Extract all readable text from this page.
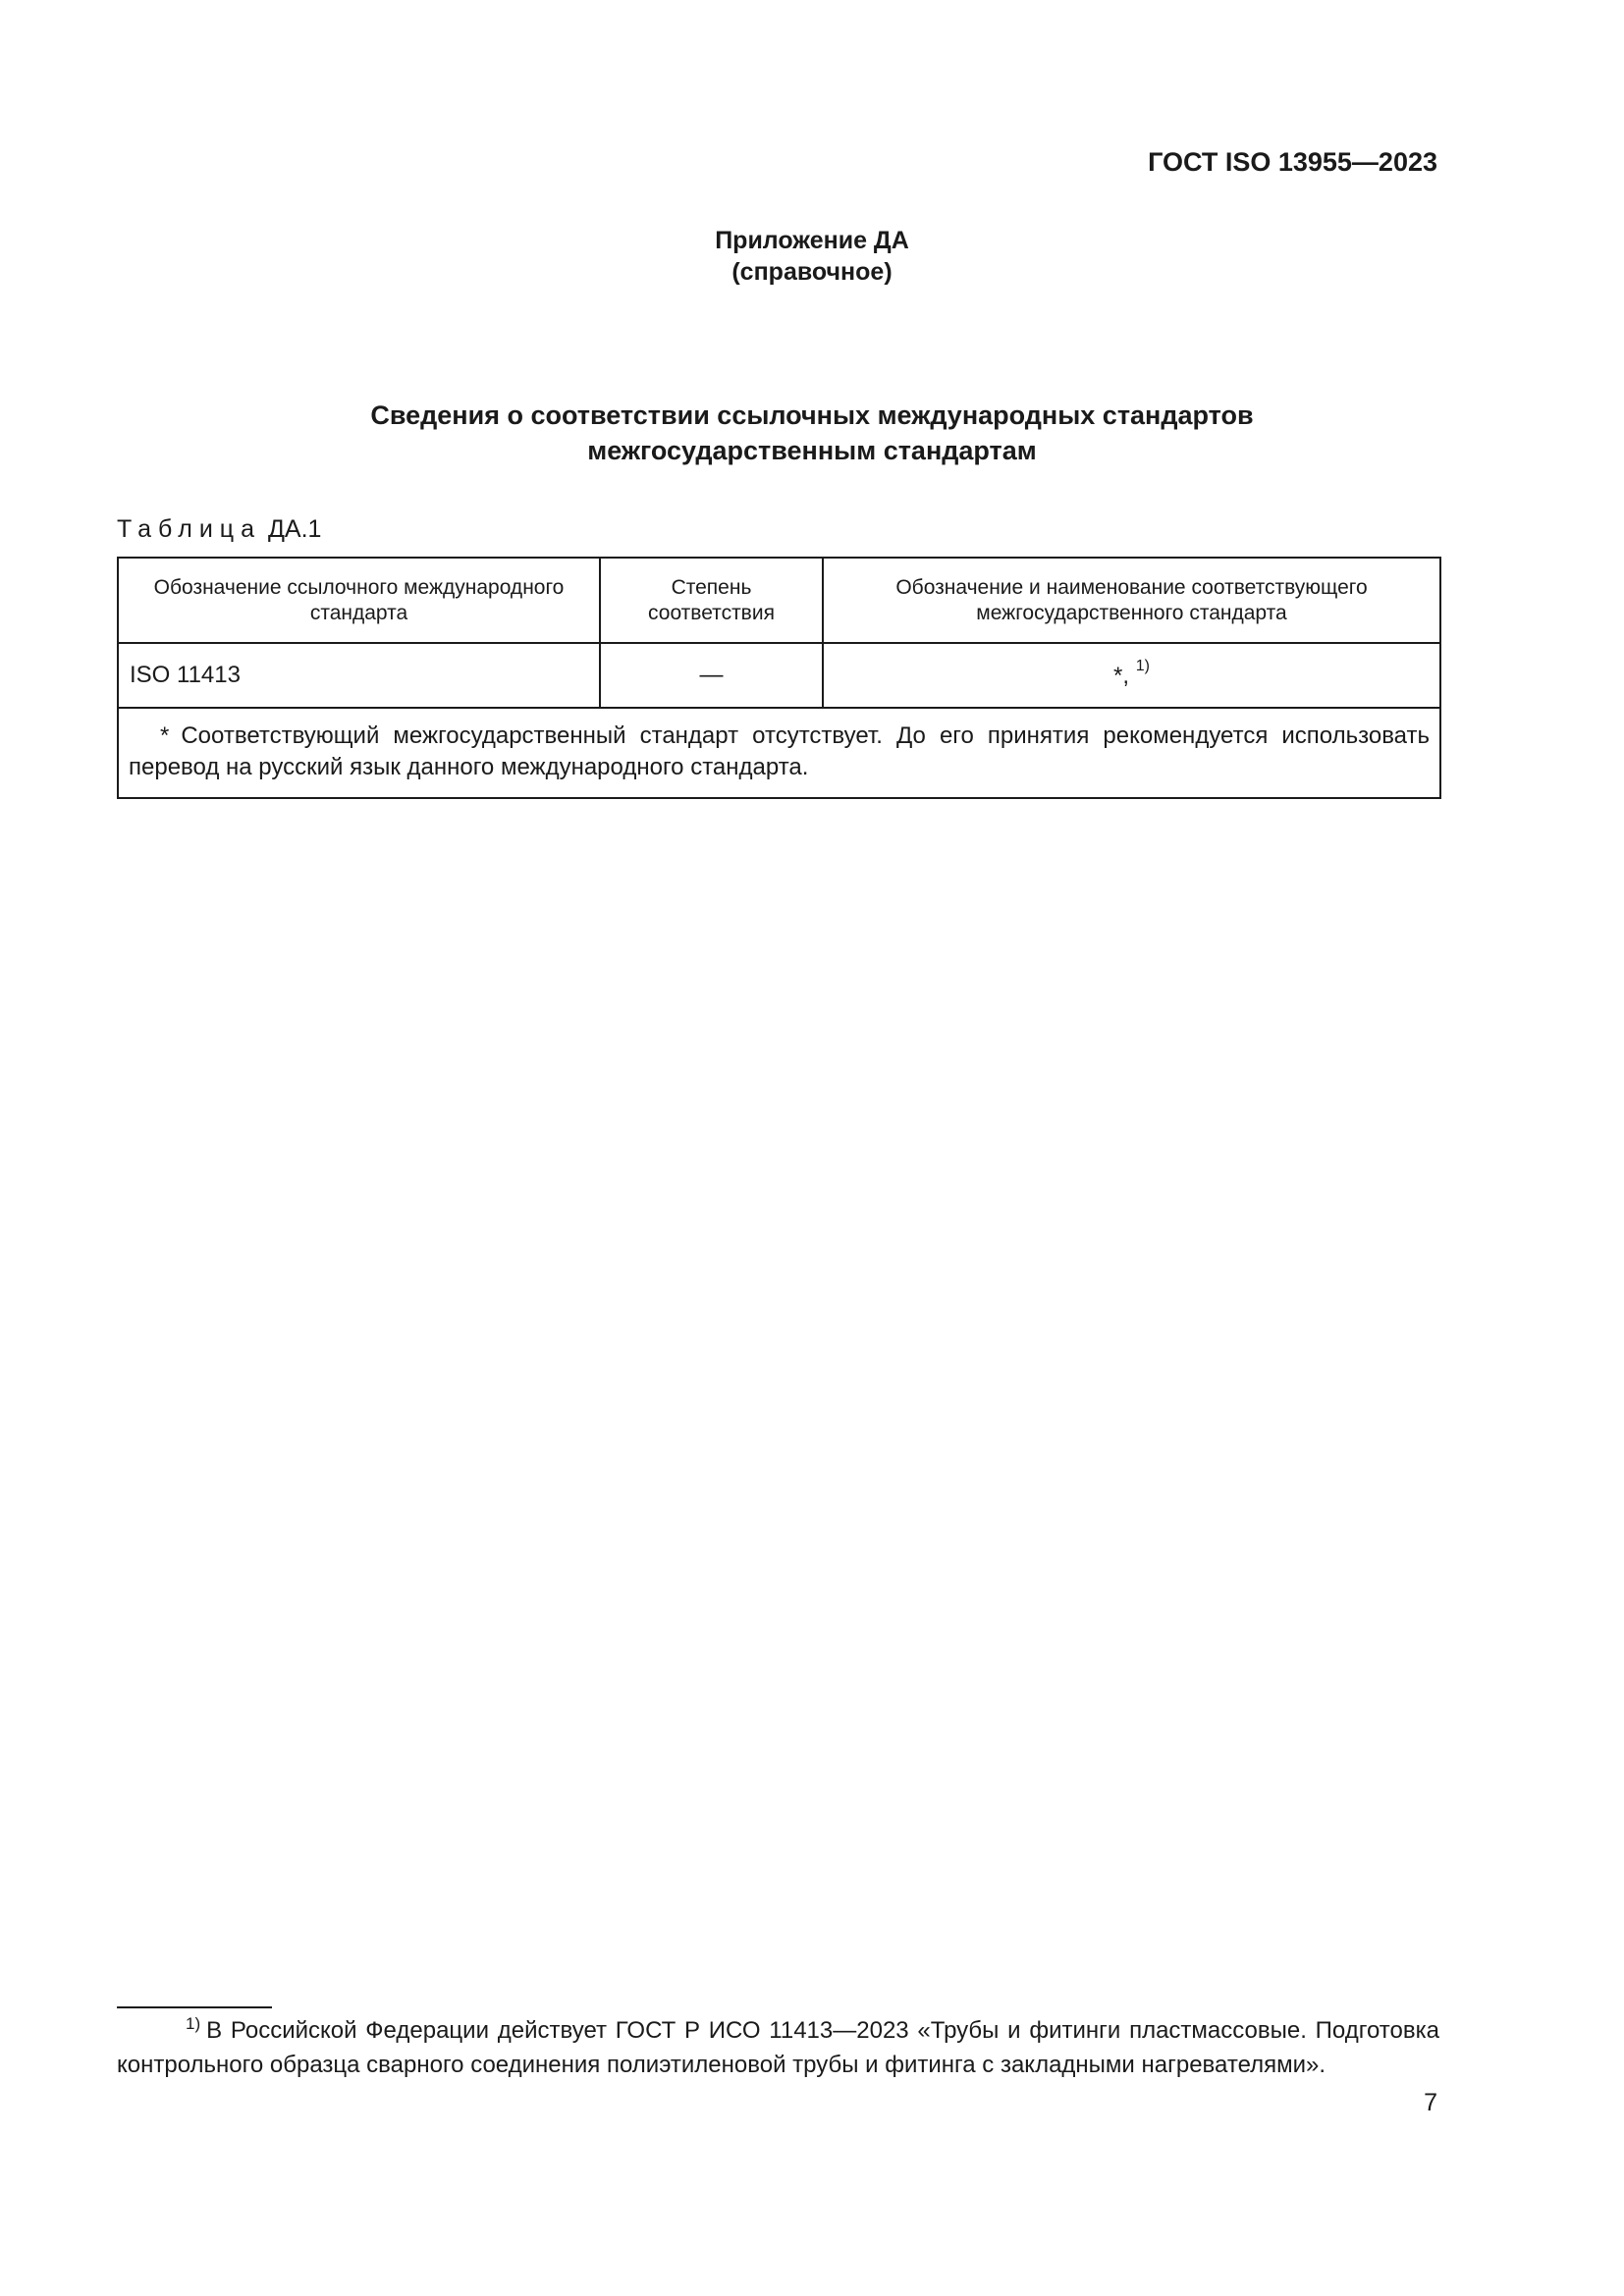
ГОСТ ISO 13955—2023
Приложение ДА
(справочное)
Сведения о соответствии ссылочных международных стандартов
межгосударственным стандартам
Таблица ДА.1
Обозначение ссылочного международного стандарта	Степень соответствия	Обозначение и наименование соответствующего межгосударственного стандарта
ISO 11413	—	*, $^{1)}$
* Соответствующий межгосударственный стандарт отсутствует. До его принятия рекомендуется использовать перевод на русский язык данного международного стандарта.		
$^{1)}$ В Российской Федерации действует ГОСТ Р ИСО 11413—2023 «Трубы и фитинги пластмассовые. Подготовка контрольного образца сварного соединения полиэтиленовой трубы и фитинга с закладными нагревателями».
7
